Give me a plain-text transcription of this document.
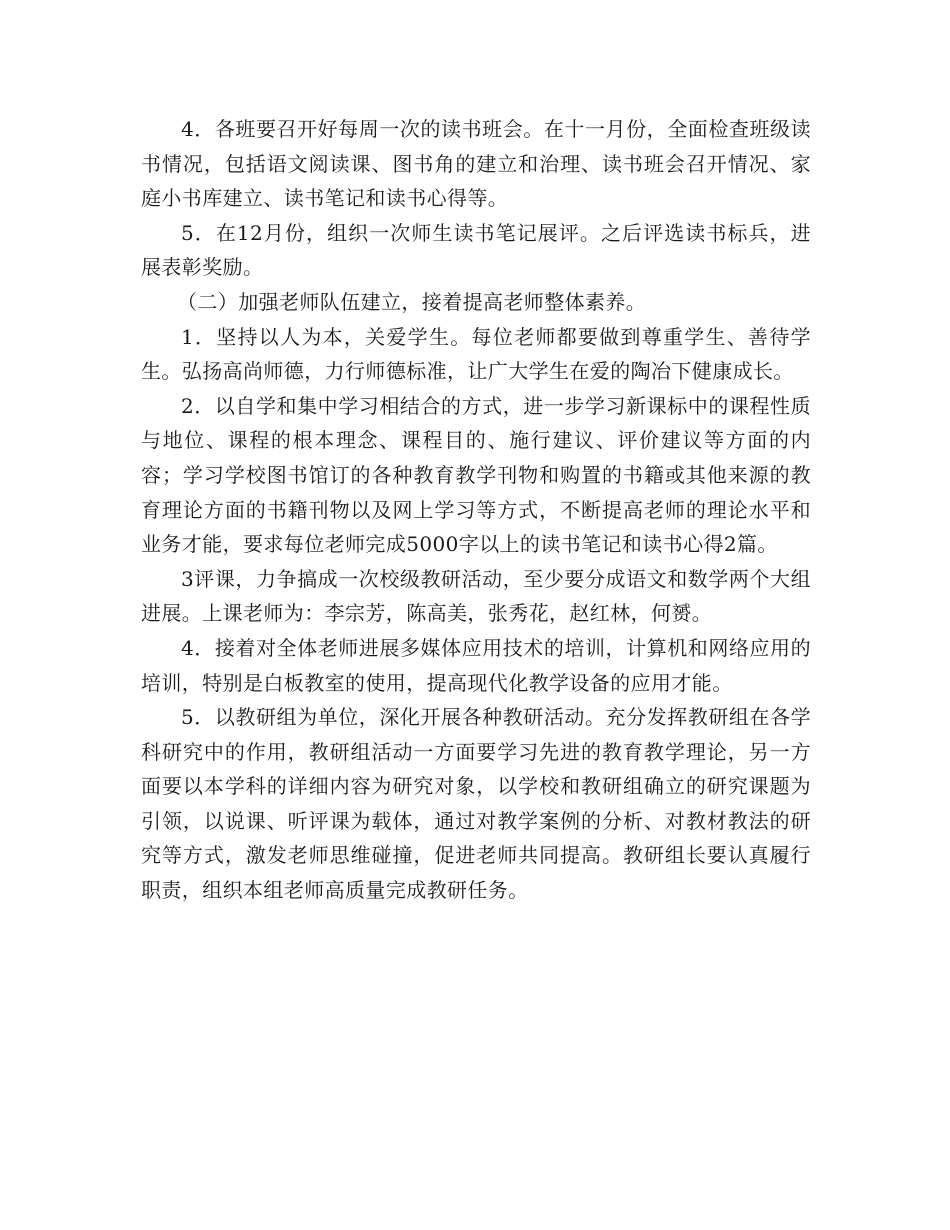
4．各班要召开好每周一次的读书班会。在十一月份，全面检查班级读书情况，包括语文阅读课、图书角的建立和治理、读书班会召开情况、家庭小书库建立、读书笔记和读书心得等。

5．在12月份，组织一次师生读书笔记展评。之后评选读书标兵，进展表彰奖励。

（二）加强老师队伍建立，接着提高老师整体素养。

1．坚持以人为本，关爱学生。每位老师都要做到尊重学生、善待学生。弘扬高尚师德，力行师德标准，让广大学生在爱的陶冶下健康成长。

2．以自学和集中学习相结合的方式，进一步学习新课标中的课程性质与地位、课程的根本理念、课程目的、施行建议、评价建议等方面的内容；学习学校图书馆订的各种教育教学刊物和购置的书籍或其他来源的教育理论方面的书籍刊物以及网上学习等方式，不断提高老师的理论水平和业务才能，要求每位老师完成5000字以上的读书笔记和读书心得2篇。

3评课，力争搞成一次校级教研活动，至少要分成语文和数学两个大组进展。上课老师为：李宗芳，陈高美，张秀花，赵红林，何赟。

4．接着对全体老师进展多媒体应用技术的培训，计算机和网络应用的培训，特别是白板教室的使用，提高现代化教学设备的应用才能。

5．以教研组为单位，深化开展各种教研活动。充分发挥教研组在各学科研究中的作用，教研组活动一方面要学习先进的教育教学理论，另一方面要以本学科的详细内容为研究对象，以学校和教研组确立的研究课题为引领，以说课、听评课为载体，通过对教学案例的分析、对教材教法的研究等方式，激发老师思维碰撞，促进老师共同提高。教研组长要认真履行职责，组织本组老师高质量完成教研任务。
